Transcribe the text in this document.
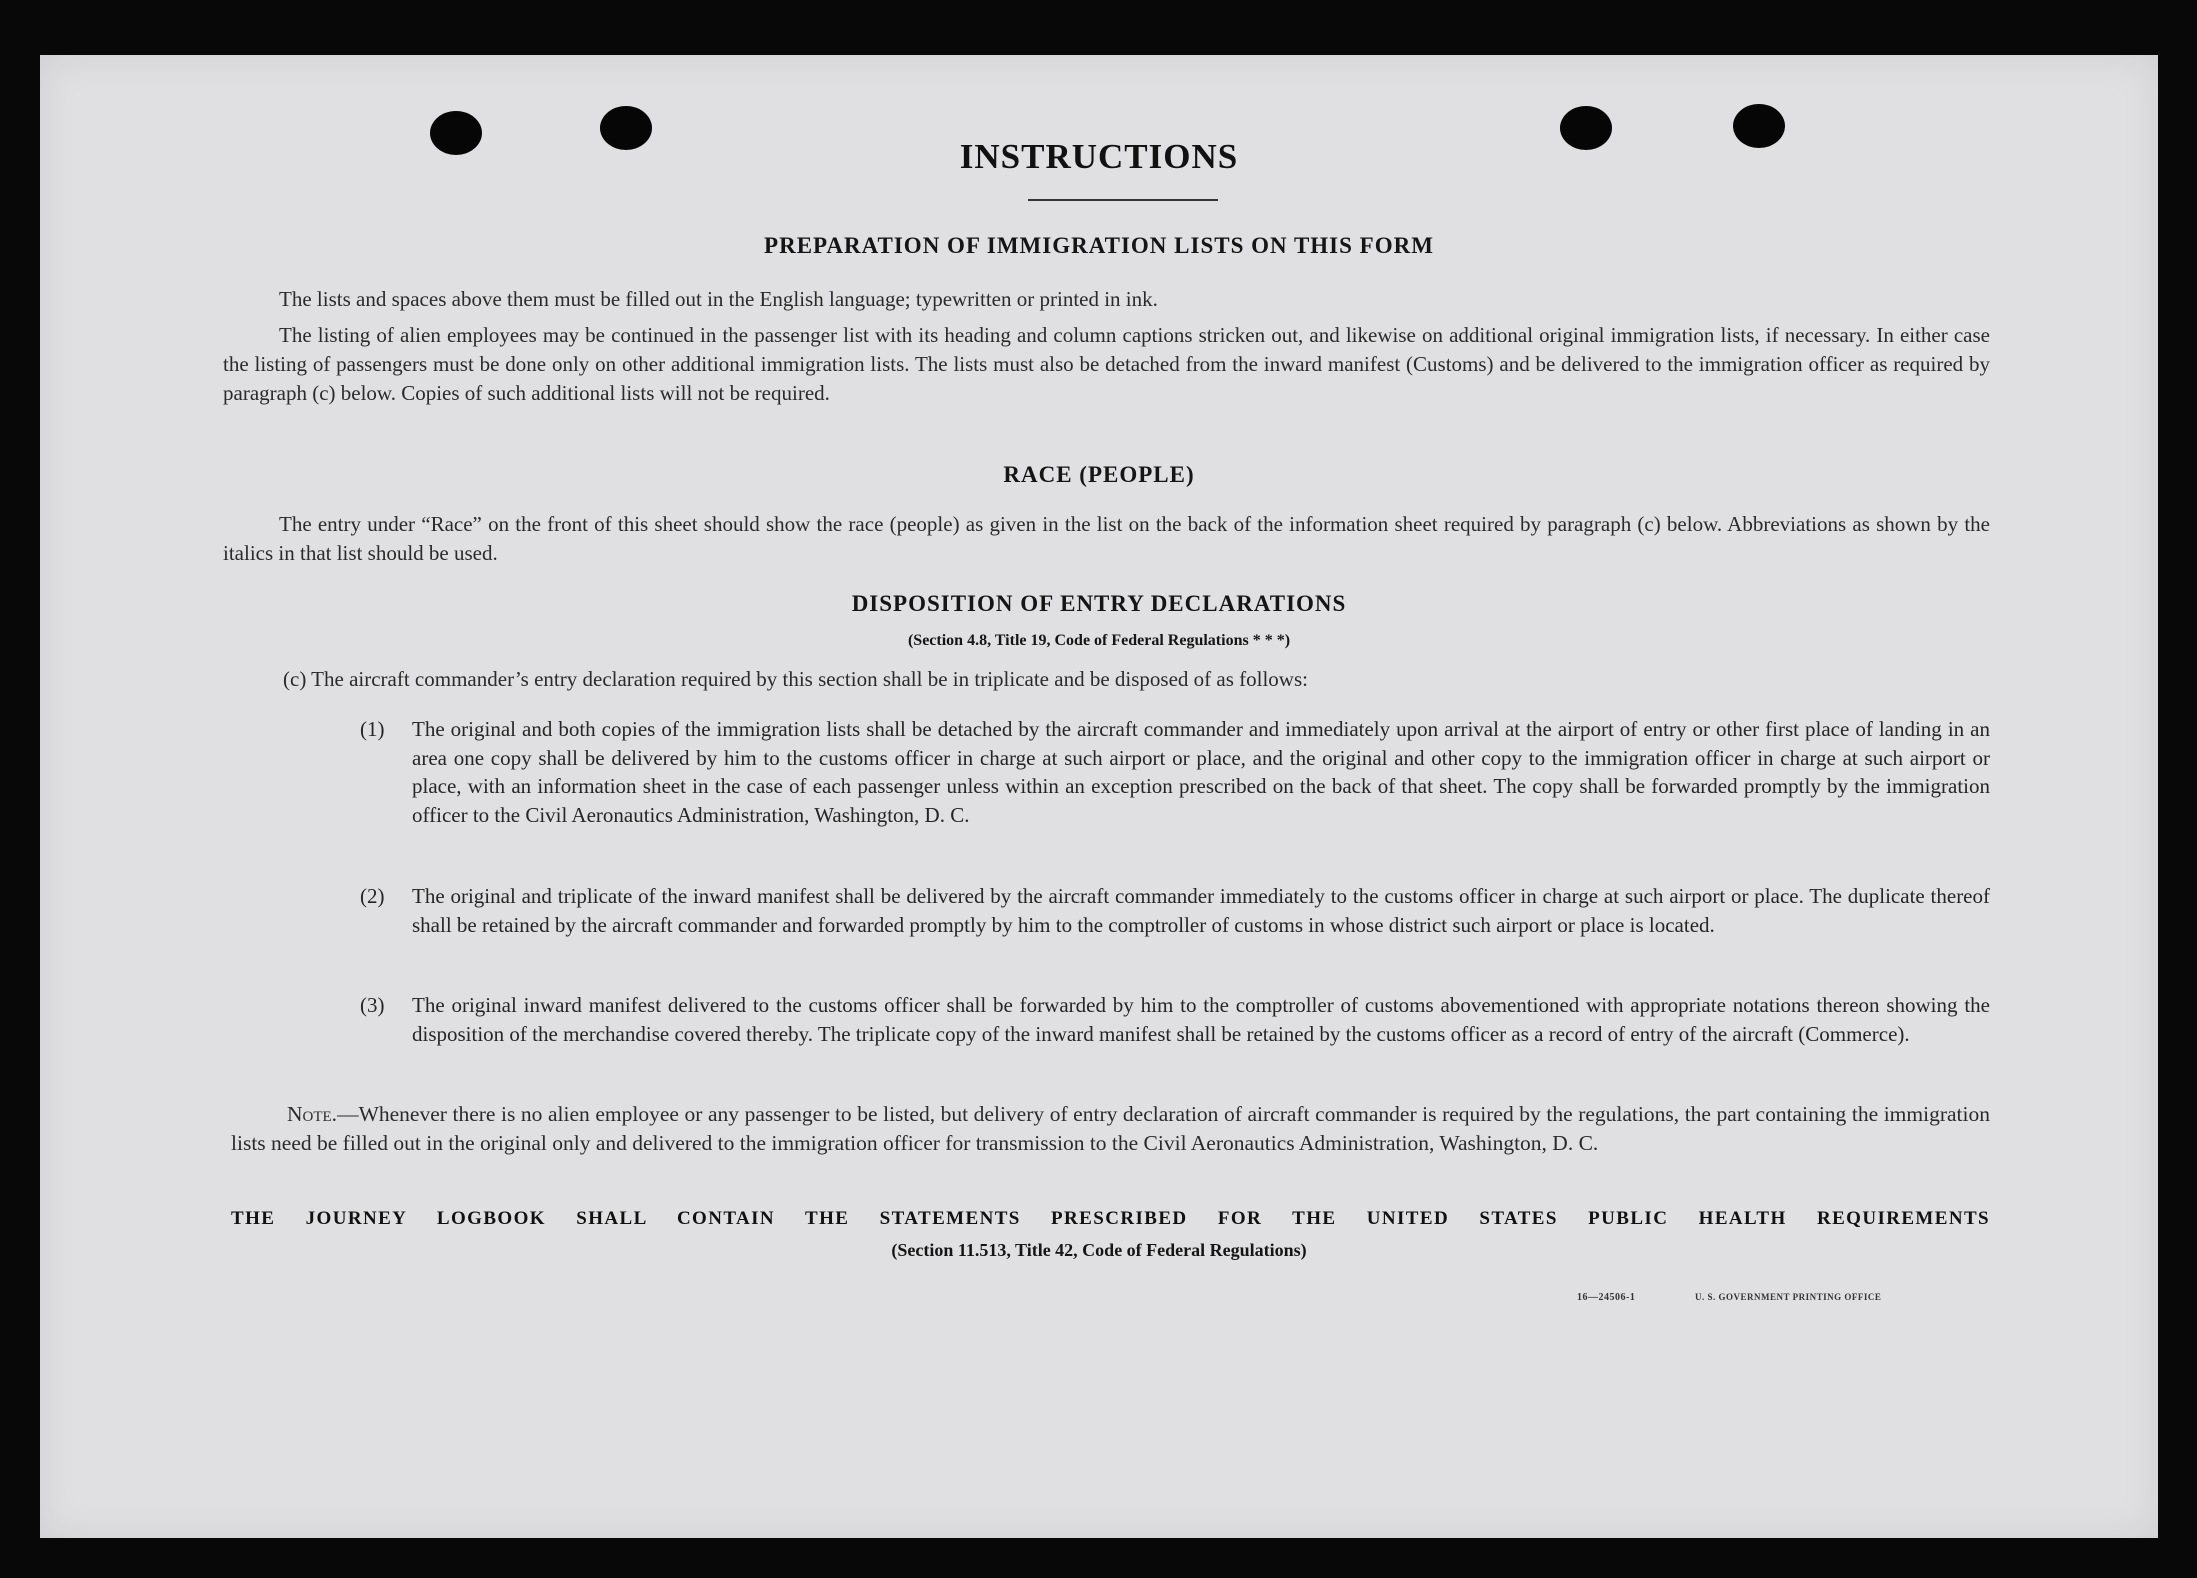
INSTRUCTIONS
PREPARATION OF IMMIGRATION LISTS ON THIS FORM
The lists and spaces above them must be filled out in the English language; typewritten or printed in ink.
The listing of alien employees may be continued in the passenger list with its heading and column captions stricken out, and likewise on additional original immigration lists, if necessary. In either case the listing of passengers must be done only on other additional immigration lists. The lists must also be detached from the inward manifest (Customs) and be delivered to the immigration officer as required by paragraph (c) below. Copies of such additional lists will not be required.
RACE (PEOPLE)
The entry under “Race” on the front of this sheet should show the race (people) as given in the list on the back of the information sheet required by paragraph (c) below. Abbreviations as shown by the italics in that list should be used.
DISPOSITION OF ENTRY DECLARATIONS
(Section 4.8, Title 19, Code of Federal Regulations * * *)
(c) The aircraft commander’s entry declaration required by this section shall be in triplicate and be disposed of as follows:
(1) The original and both copies of the immigration lists shall be detached by the aircraft commander and immediately upon arrival at the airport of entry or other first place of landing in an area one copy shall be delivered by him to the customs officer in charge at such airport or place, and the original and other copy to the immigration officer in charge at such airport or place, with an information sheet in the case of each passenger unless within an exception prescribed on the back of that sheet. The copy shall be forwarded promptly by the immigration officer to the Civil Aeronautics Administration, Washington, D. C.
(2) The original and triplicate of the inward manifest shall be delivered by the aircraft commander immediately to the customs officer in charge at such airport or place. The duplicate thereof shall be retained by the aircraft commander and forwarded promptly by him to the comptroller of customs in whose district such airport or place is located.
(3) The original inward manifest delivered to the customs officer shall be forwarded by him to the comptroller of customs abovementioned with appropriate notations thereon showing the disposition of the merchandise covered thereby. The triplicate copy of the inward manifest shall be retained by the customs officer as a record of entry of the aircraft (Commerce).
Note.—Whenever there is no alien employee or any passenger to be listed, but delivery of entry declaration of aircraft commander is required by the regulations, the part containing the immigration lists need be filled out in the original only and delivered to the immigration officer for transmission to the Civil Aeronautics Administration, Washington, D. C.
THE JOURNEY LOGBOOK SHALL CONTAIN THE STATEMENTS PRESCRIBED FOR THE UNITED STATES PUBLIC HEALTH REQUIREMENTS
(Section 11.513, Title 42, Code of Federal Regulations)
16—24506-1	U. S. GOVERNMENT PRINTING OFFICE
